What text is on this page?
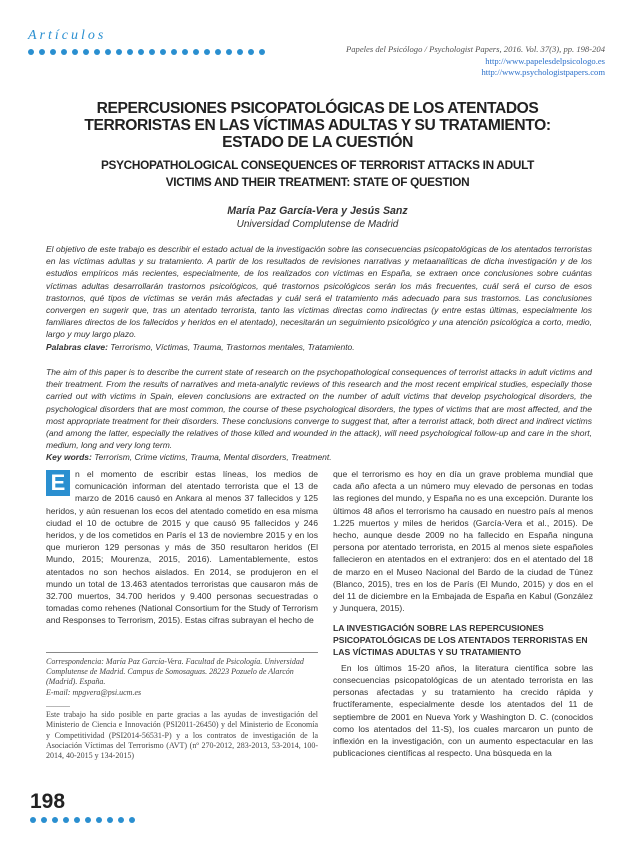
Artículos
Papeles del Psicólogo / Psychologist Papers, 2016. Vol. 37(3), pp. 198-204
http://www.papelesdelpsicologo.es
http://www.psychologistpapers.com
REPERCUSIONES PSICOPATOLÓGICAS DE LOS ATENTADOS
TERRORISTAS EN LAS VÍCTIMAS ADULTAS Y SU TRATAMIENTO:
ESTADO DE LA CUESTIÓN
PSYCHOPATHOLOGICAL CONSEQUENCES OF TERRORIST ATTACKS IN ADULT
VICTIMS AND THEIR TREATMENT: STATE OF QUESTION
María Paz García-Vera y Jesús Sanz
Universidad Complutense de Madrid
El objetivo de este trabajo es describir el estado actual de la investigación sobre las consecuencias psicopatológicas de los atentados terroristas en las víctimas adultas y su tratamiento. A partir de los resultados de revisiones narrativas y metaanalíticas de dicha investigación y de los estudios empíricos más recientes, especialmente, de los realizados con víctimas en España, se extraen once conclusiones sobre cuántas víctimas adultas desarrollarán trastornos psicológicos, qué trastornos psicológicos serán los más frecuentes, cuál será el curso de esos trastornos, qué tipos de víctimas se verán más afectadas y cuál será el tratamiento más adecuado para sus trastornos. Las conclusiones convergen en sugerir que, tras un atentado terrorista, tanto las víctimas directas como indirectas (y entre estas últimas, especialmente los familiares directos de los fallecidos y heridos en el atentado), necesitarán un seguimiento psicológico y una atención psicológica a corto, medio, largo y muy largo plazo.
Palabras clave: Terrorismo, Víctimas, Trauma, Trastornos mentales, Tratamiento.
The aim of this paper is to describe the current state of research on the psychopathological consequences of terrorist attacks in adult victims and their treatment. From the results of narratives and meta-analytic reviews of this research and the most recent empirical studies, especially those carried out with victims in Spain, eleven conclusions are extracted on the number of adult victims that develop psychological disorders, the psychological disorders that are most common, the course of these psychological disorders, the types of victims that are most affected, and the most appropriate treatment for their disorders. These conclusions converge to suggest that, after a terrorist attack, both direct and indirect victims (and among the latter, especially the relatives of those killed and wounded in the attack), will need psychological follow-up and care in the short, medium, long and very long term.
Key words: Terrorism, Crime victims, Trauma, Mental disorders, Treatment.
E	n el momento de escribir estas líneas, los medios de comunicación informan del atentado terrorista que el 13 de marzo de 2016 causó en Ankara al menos 37 fallecidos y 125 heridos, y aún resuenan los ecos del atentado cometido en esa misma ciudad el 10 de octubre de 2015 y que causó 95 fallecidos y 246 heridos, y de los cometidos en París el 13 de noviembre 2015 y en los que murieron 129 personas y más de 350 resultaron heridos (El Mundo, 2015; Mourenza, 2015, 2016). Lamentablemente, estos atentados no son hechos aislados. En 2014, se produjeron en el mundo un total de 13.463 atentados terroristas que causaron más de 32.700 muertos, 34.700 heridos y 9.400 personas secuestradas o tomadas como rehenes (National Consortium for the Study of Terrorism and Responses to Terrorism, 2015). Estas cifras subrayan el hecho de

que el terrorismo es hoy en día un grave problema mundial que cada año afecta a un número muy elevado de personas en todas las regiones del mundo, y España no es una excepción. Durante los últimos 48 años el terrorismo ha causado en nuestro país al menos 1.225 muertos y miles de heridos (García-Vera et al., 2015). De hecho, aunque desde 2009 no ha fallecido en España ninguna persona por atentado terrorista, en 2015 al menos siete españoles fallecieron en atentados en el extranjero: dos en el atentado del 18 de marzo en el Museo Nacional del Bardo de la ciudad de Túnez (Blanco, 2015), tres en los de París (El Mundo, 2015) y dos en el del 11 de diciembre en la Embajada de España en Kabul (González y Junquera, 2015).

LA INVESTIGACIÓN SOBRE LAS REPERCUSIONES PSICOPATOLÓGICAS DE LOS ATENTADOS TERRORISTAS EN LAS VÍCTIMAS ADULTAS Y SU TRATAMIENTO

En los últimos 15-20 años, la literatura científica sobre las consecuencias psicopatológicas de un atentado terrorista en las personas afectadas y su tratamiento ha crecido rápida y fructíferamente, especialmente desde los atentados del 11 de septiembre de 2001 en Nueva York y Washington D. C. (conocidos como los atentados del 11-S), los cuales marcaron un punto de inflexión en la investigación, con un aumento espectacular en las publicaciones científicas al respecto. Una búsqueda en la

Correspondencia: María Paz García-Vera. Facultad de Psicología. Universidad Complutense de Madrid. Campus de Somosaguas. 28223 Pozuelo de Alarcón (Madrid). España.
E-mail: mpgvera@psi.ucm.es
............
Este trabajo ha sido posible en parte gracias a las ayudas de investigación del Ministerio de Ciencia e Innovación (PSI2011-26450) y del Ministerio de Economía y Competitividad (PSI2014-56531-P) y a los contratos de investigación de la Asociación Víctimas del Terrorismo (AVT) (nº 270-2012, 283-2013, 53-2014, 100-2014, 40-2015 y 134-2015)
198
